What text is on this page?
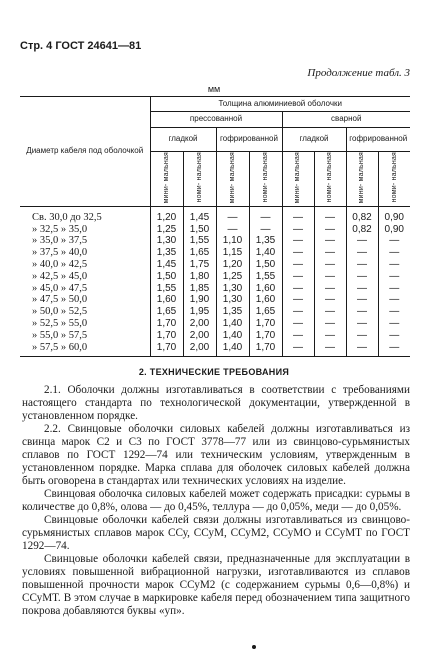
Стр. 4 ГОСТ 24641—81
Продолжение табл. 3
мм
Диаметр кабеля под оболочкой	Толщина алюминиевой оболочки							
	прессованной				сварной			
	гладкой		гофрированной		гладкой		гофрированной	
	мини- мальная	номи- нальная	мини- мальная	номи- нальная	мини- мальная	номи- нальная	мини- мальная	номи- нальная
Св. 30,0 до 32,5	1,20	1,45	—	—	—	—	0,82	0,90
» 32,5 » 35,0	1,25	1,50	—	—	—	—	0,82	0,90
» 35,0 » 37,5	1,30	1,55	1,10	1,35	—	—	—	—
» 37,5 » 40,0	1,35	1,65	1,15	1,40	—	—	—	—
» 40,0 » 42,5	1,45	1,75	1,20	1,50	—	—	—	—
» 42,5 » 45,0	1,50	1,80	1,25	1,55	—	—	—	—
» 45,0 » 47,5	1,55	1,85	1,30	1,60	—	—	—	—
» 47,5 » 50,0	1,60	1,90	1,30	1,60	—	—	—	—
» 50,0 » 52,5	1,65	1,95	1,35	1,65	—	—	—	—
» 52,5 » 55,0	1,70	2,00	1,40	1,70	—	—	—	—
» 55,0 » 57,5	1,70	2,00	1,40	1,70	—	—	—	—
» 57,5 » 60,0	1,70	2,00	1,40	1,70	—	—	—	—
2. ТЕХНИЧЕСКИЕ ТРЕБОВАНИЯ

2.1. Оболочки должны изготавливаться в соответствии с требованиями настоящего стандарта по технологической документации, утвержденной в установленном порядке.

2.2. Свинцовые оболочки силовых кабелей должны изготавливаться из свинца марок С2 и С3 по ГОСТ 3778—77 или из свинцово-сурьмянистых сплавов по ГОСТ 1292—74 или техническим условиям, утвержденным в установленном порядке. Марка сплава для оболочек силовых кабелей должна быть оговорена в стандартах или технических условиях на изделие.

Свинцовая оболочка силовых кабелей может содержать присадки: сурьмы в количестве до 0,8%, олова — до 0,45%, теллура — до 0,05%, меди — до 0,05%.

Свинцовые оболочки кабелей связи должны изготавливаться из свинцово-сурьмянистых сплавов марок ССу, ССуМ, ССуМ2, ССуМО и ССуМТ по ГОСТ 1292—74.

Свинцовые оболочки кабелей связи, предназначенные для эксплуатации в условиях повышенной вибрационной нагрузки, изготавливаются из сплавов повышенной прочности марок ССуМ2 (с содержанием сурьмы 0,6—0,8%) и ССуМТ. В этом случае в маркировке кабеля перед обозначением типа защитного покрова добавляются буквы «уп».
